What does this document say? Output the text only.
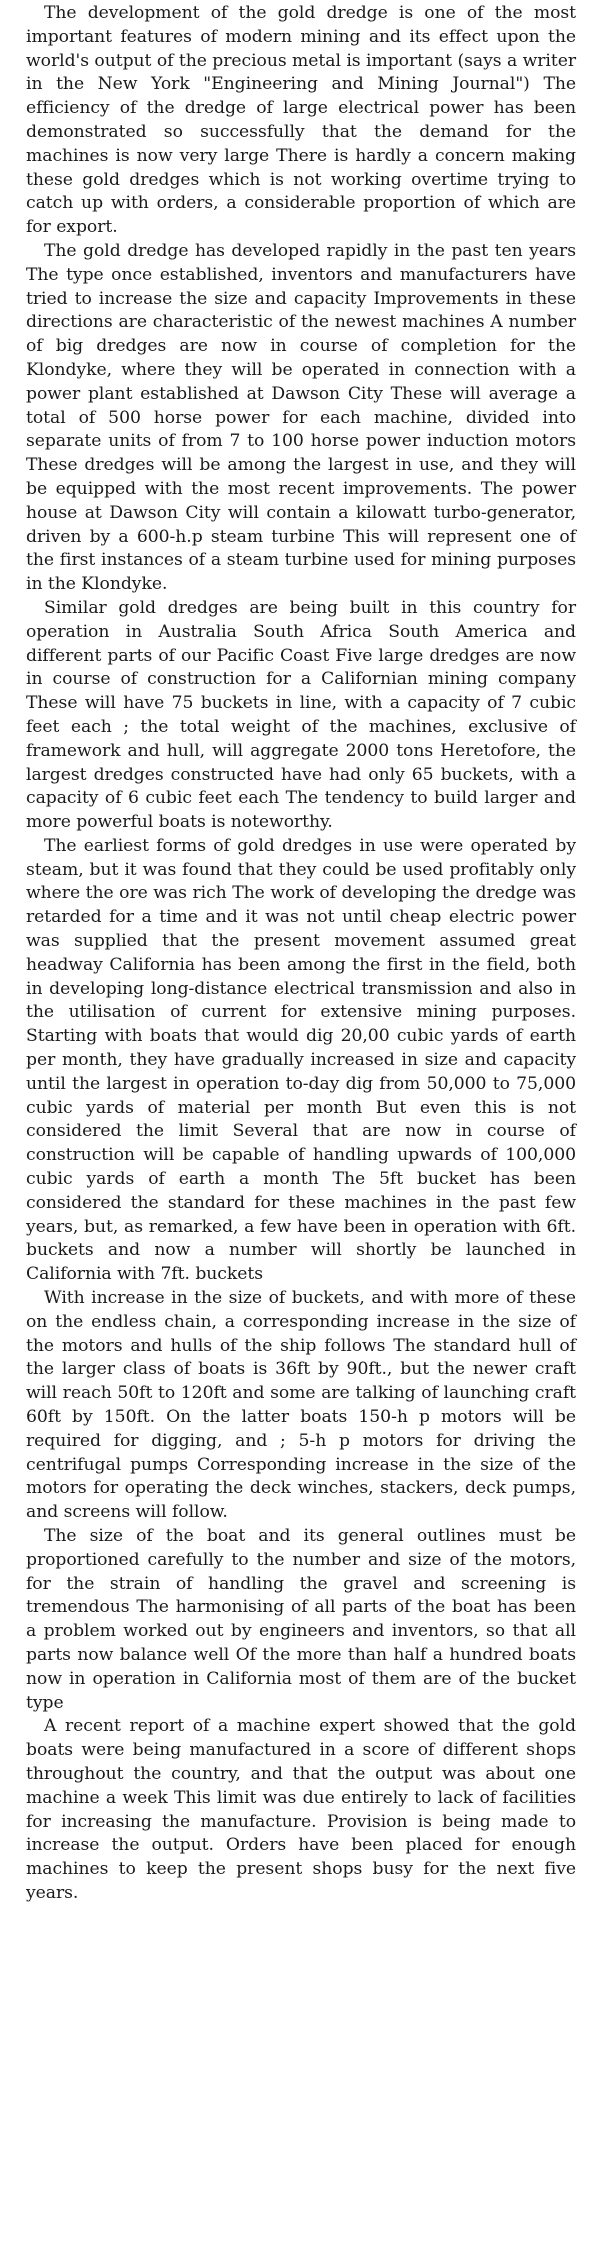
The development of the gold dredge is one of the most important features of modern mining and its effect upon the world's output of the precious metal is important (says a writer in the New York "Engineering and Mining Journal") The efficiency of the dredge of large electrical power has been demonstrated so successfully that the demand for the machines is now very large There is hardly a concern making these gold dredges which is not working overtime trying to catch up with orders, a considerable proportion of which are for export.

The gold dredge has developed rapidly in the past ten years The type once established, inventors and manufacturers have tried to increase the size and capacity Improvements in these directions are characteristic of the newest machines A number of big dredges are now in course of completion for the Klondyke, where they will be operated in connection with a power plant established at Dawson City These will average a total of 500 horse power for each machine, divided into separate units of from 7 to 100 horse power induction motors These dredges will be among the largest in use, and they will be equipped with the most recent improvements. The power house at Dawson City will contain a kilowatt turbo-generator, driven by a 600-h.p steam turbine This will represent one of the first instances of a steam turbine used for mining purposes in the Klondyke.

Similar gold dredges are being built in this country for operation in Australia South Africa South America and different parts of our Pacific Coast Five large dredges are now in course of construction for a Californian mining company These will have 75 buckets in line, with a capacity of 7 cubic feet each ; the total weight of the machines, exclusive of framework and hull, will aggregate 2000 tons Heretofore, the largest dredges constructed have had only 65 buckets, with a capacity of 6 cubic feet each The tendency to build larger and more powerful boats is noteworthy.

The earliest forms of gold dredges in use were operated by steam, but it was found that they could be used profitably only where the ore was rich The work of developing the dredge was retarded for a time and it was not until cheap electric power was supplied that the present movement assumed great headway California has been among the first in the field, both in developing long-distance electrical transmission and also in the utilisation of current for extensive mining purposes. Starting with boats that would dig 20,00 cubic yards of earth per month, they have gradually increased in size and capacity until the largest in operation to-day dig from 50,000 to 75,000 cubic yards of material per month But even this is not considered the limit Several that are now in course of construction will be capable of handling upwards of 100,000 cubic yards of earth a month The 5ft bucket has been considered the standard for these machines in the past few years, but, as remarked, a few have been in operation with 6ft. buckets and now a number will shortly be launched in California with 7ft. buckets

With increase in the size of buckets, and with more of these on the endless chain, a corresponding increase in the size of the motors and hulls of the ship follows The standard hull of the larger class of boats is 36ft by 90ft., but the newer craft will reach 50ft to 120ft and some are talking of launching craft 60ft by 150ft. On the latter boats 150-h p motors will be required for digging, and ; 5-h p motors for driving the centrifugal pumps Corresponding increase in the size of the motors for operating the deck winches, stackers, deck pumps, and screens will follow.

The size of the boat and its general outlines must be proportioned carefully to the number and size of the motors, for the strain of handling the gravel and screening is tremendous The harmonising of all parts of the boat has been a problem worked out by engineers and inventors, so that all parts now balance well Of the more than half a hundred boats now in operation in California most of them are of the bucket type

A recent report of a machine expert showed that the gold boats were being manufactured in a score of different shops throughout the country, and that the output was about one machine a week This limit was due entirely to lack of facilities for increasing the manufacture. Provision is being made to increase the output. Orders have been placed for enough machines to keep the present shops busy for the next five years.
